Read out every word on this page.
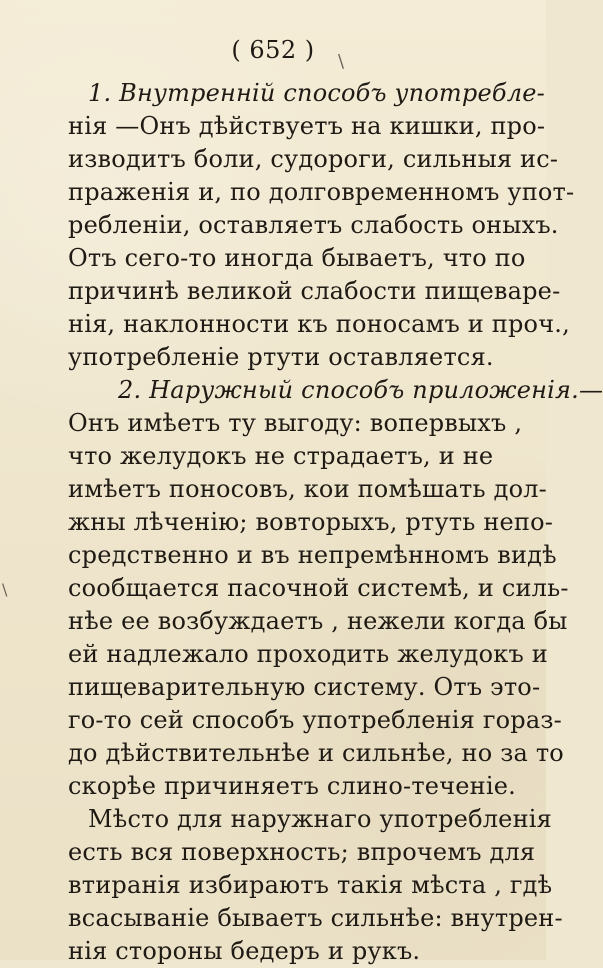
\
\
( 652 )
1. Внутренній способъ употребле-
нія —Онъ дѣйствуетъ на кишки, про-
изводитъ боли, судороги, сильныя ис-
праженія и, по долговременномъ упот-
ребленіи, оставляетъ слабость оныхъ.
Отъ сего-то иногда бываетъ, что по
причинѣ великой слабости пищеваре-
нія, наклонности къ поносамъ и проч.,
употребленіе ртути оставляется.
2. Наружный способъ приложенія.—
Онъ имѣетъ ту выгоду: вопервыхъ ,
что желудокъ не страдаетъ, и не
имѣетъ поносовъ, кои помѣшать дол-
жны лѣченію; вовторыхъ, ртуть непо-
средственно и въ непремѣнномъ видѣ
сообщается пасочной системѣ, и силь-
нѣе ее возбуждаетъ , нежели когда бы
ей надлежало проходить желудокъ и
пищеварительную систему. Отъ это-
го-то сей способъ употребленія гораз-
до дѣйствительнѣе и сильнѣе, но за то
скорѣе причиняетъ слино-теченіе.
Мѣсто для наружнаго употребленія
есть вся поверхность; впрочемъ для
втиранія избираютъ такія мѣста , гдѣ
всасываніе бываетъ сильнѣе: внутрен-
нія стороны бедеръ и рукъ.
